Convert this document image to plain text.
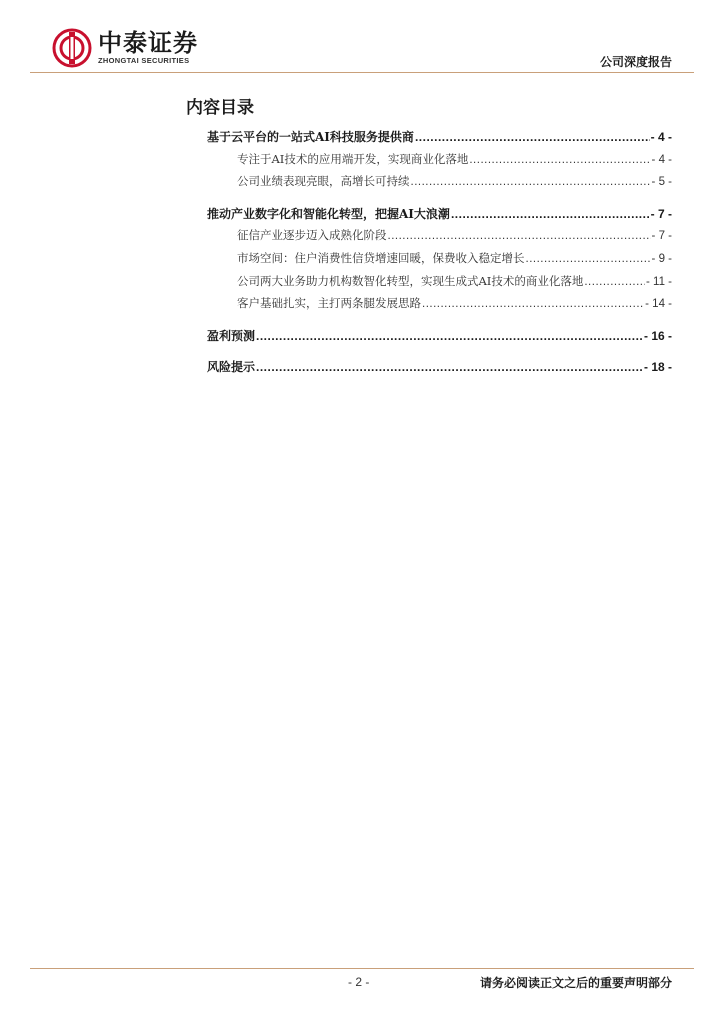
中泰证券
ZHONGTAI SECURITIES	公司深度报告
内容目录
基于云平台的一站式AI科技服务提供商 .....	- 4 -
专注于AI技术的应用端开发，实现商业化落地 .....	- 4 -
公司业绩表现亮眼，高增长可持续 .....	- 5 -
推动产业数字化和智能化转型，把握AI大浪潮 .....	- 7 -
征信产业逐步迈入成熟化阶段 .....	- 7 -
市场空间：住户消费性信贷增速回暖，保费收入稳定增长 .....	- 9 -
公司两大业务助力机构数智化转型，实现生成式AI技术的商业化落地 .....	- 11 -
客户基础扎实，主打两条腿发展思路 .....	- 14 -
盈利预测 .....	- 16 -
风险提示 .....	- 18 -
- 2 -	请务必阅读正文之后的重要声明部分
